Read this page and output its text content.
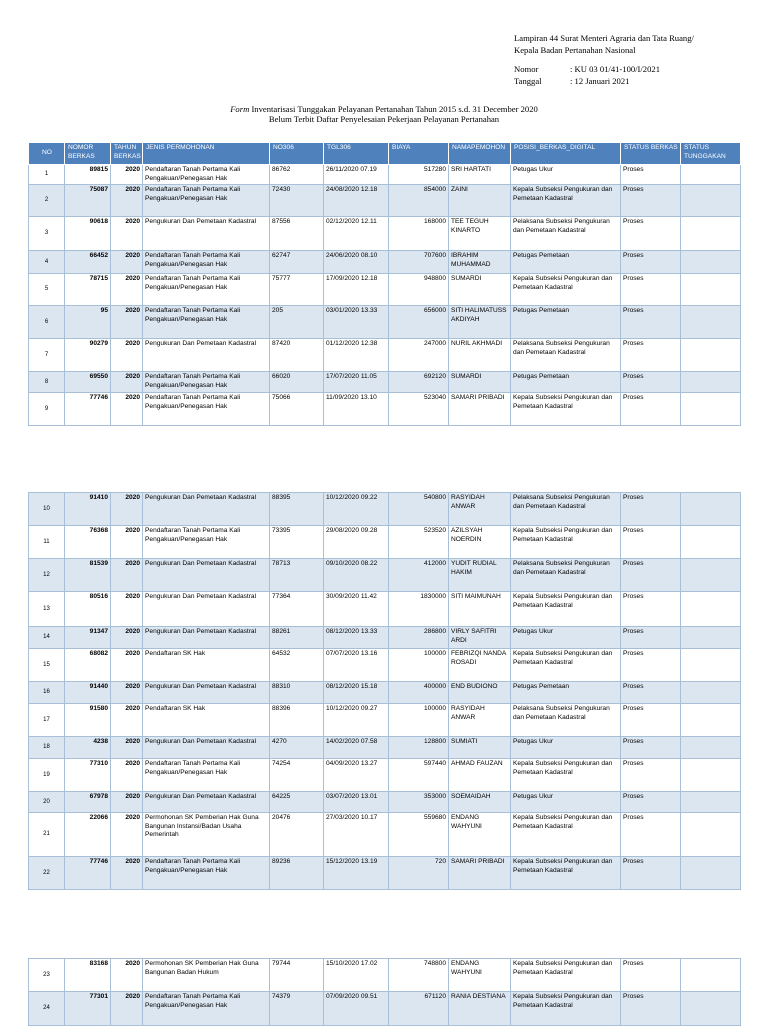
Lampiran 44 Surat Menteri Agraria dan Tata Ruang/
Kepala Badan Pertanahan Nasional
Nomor	: KU 03 01/41-100/I/2021
Tanggal	: 12 Januari 2021
Form Inventarisasi Tunggakan Pelayanan Pertanahan Tahun 2015 s.d. 31 December 2020
Belum Terbit Daftar Penyelesaian Pekerjaan Pelayanan Pertanahan
NO	NOMOR BERKAS	TAHUN BERKAS	JENIS PERMOHONAN	NO306	TGL306	BIAYA	NAMAPEMOHON	POSISI_BERKAS_DIGITAL	STATUS BERKAS	STATUS TUNGGAKAN
1	89815	2020	Pendaftaran Tanah Pertama Kali Pengakuan/Penegasan Hak	86762	26/11/2020 07.19	517280	SRI HARTATI	Petugas Ukur	Proses	
2	75087	2020	Pendaftaran Tanah Pertama Kali Pengakuan/Penegasan Hak	72430	24/08/2020 12.18	854000	ZAINI	Kepala Subseksi Pengukuran dan Pemetaan Kadastral	Proses	
3	90618	2020	Pengukuran Dan Pemetaan Kadastral	87556	02/12/2020 12.11	168000	TEE TEGUH KINARTO	Pelaksana Subseksi Pengukuran dan Pemetaan Kadastral	Proses	
4	66452	2020	Pendaftaran Tanah Pertama Kali Pengakuan/Penegasan Hak	62747	24/06/2020 08.10	707600	IBRAHIM MUHAMMAD	Petugas Pemetaan	Proses	
5	78715	2020	Pendaftaran Tanah Pertama Kali Pengakuan/Penegasan Hak	75777	17/09/2020 12.18	948800	SUMARDI	Kepala Subseksi Pengukuran dan Pemetaan Kadastral	Proses	
6	95	2020	Pendaftaran Tanah Pertama Kali Pengakuan/Penegasan Hak	205	03/01/2020 13.33	656000	SITI HALIMATUSS AKDIYAH	Petugas Pemetaan	Proses	
7	90279	2020	Pengukuran Dan Pemetaan Kadastral	87420	01/12/2020 12.38	247000	NURIL AKHMADI	Pelaksana Subseksi Pengukuran dan Pemetaan Kadastral	Proses	
8	69550	2020	Pendaftaran Tanah Pertama Kali Pengakuan/Penegasan Hak	66020	17/07/2020 11.05	692120	SUMARDI	Petugas Pemetaan	Proses	
9	77746	2020	Pendaftaran Tanah Pertama Kali Pengakuan/Penegasan Hak	75066	11/09/2020 13.10	523040	SAMARI PRIBADI	Kepala Subseksi Pengukuran dan Pemetaan Kadastral	Proses	
10	91410	2020	Pengukuran Dan Pemetaan Kadastral	88395	10/12/2020 09.22	540800	RASYIDAH ANWAR	Pelaksana Subseksi Pengukuran dan Pemetaan Kadastral	Proses	
11	76368	2020	Pendaftaran Tanah Pertama Kali Pengakuan/Penegasan Hak	73395	29/08/2020 09.28	523520	AZILSYAH NOERDIN	Kepala Subseksi Pengukuran dan Pemetaan Kadastral	Proses	
12	81539	2020	Pengukuran Dan Pemetaan Kadastral	78713	09/10/2020 08.22	412000	YUDIT RUDIAL HAKIM	Pelaksana Subseksi Pengukuran dan Pemetaan Kadastral	Proses	
13	80516	2020	Pengukuran Dan Pemetaan Kadastral	77364	30/09/2020 11.42	1830000	SITI MAIMUNAH	Kepala Subseksi Pengukuran dan Pemetaan Kadastral	Proses	
14	91347	2020	Pengukuran Dan Pemetaan Kadastral	88261	08/12/2020 13.33	286800	VIRLY SAFITRI ARDI	Petugas Ukur	Proses	
15	68082	2020	Pendaftaran SK Hak	64532	07/07/2020 13.16	100000	FEBRIZQI NANDA ROSADI	Kepala Subseksi Pengukuran dan Pemetaan Kadastral	Proses	
16	91440	2020	Pengukuran Dan Pemetaan Kadastral	88310	08/12/2020 15.18	400000	END BUDIONO	Petugas Pemetaan	Proses	
17	91580	2020	Pendaftaran SK Hak	88396	10/12/2020 09.27	100000	RASYIDAH ANWAR	Pelaksana Subseksi Pengukuran dan Pemetaan Kadastral	Proses	
18	4238	2020	Pengukuran Dan Pemetaan Kadastral	4270	14/02/2020 07.58	128800	SUMIATI	Petugas Ukur	Proses	
19	77310	2020	Pendaftaran Tanah Pertama Kali Pengakuan/Penegasan Hak	74254	04/09/2020 13.27	597440	AHMAD FAUZAN	Kepala Subseksi Pengukuran dan Pemetaan Kadastral	Proses	
20	67978	2020	Pengukuran Dan Pemetaan Kadastral	64225	03/07/2020 13.01	353000	SOEMAIDAH	Petugas Ukur	Proses	
21	22066	2020	Permohonan SK Pemberian Hak Guna Bangunan Instansi/Badan Usaha Pemerintah	20476	27/03/2020 10.17	559680	ENDANG WAHYUNI	Kepala Subseksi Pengukuran dan Pemetaan Kadastral	Proses	
22	77746	2020	Pendaftaran Tanah Pertama Kali Pengakuan/Penegasan Hak	89236	15/12/2020 13.19	720	SAMARI PRIBADI	Kepala Subseksi Pengukuran dan Pemetaan Kadastral	Proses	
23	83168	2020	Permohonan SK Pemberian Hak Guna Bangunan Badan Hukum	79744	15/10/2020 17.02	748800	ENDANG WAHYUNI	Kepala Subseksi Pengukuran dan Pemetaan Kadastral	Proses	
24	77301	2020	Pendaftaran Tanah Pertama Kali Pengakuan/Penegasan Hak	74379	07/09/2020 09.51	671120	RANIA DESTIANA	Kepala Subseksi Pengukuran dan Pemetaan Kadastral	Proses	
